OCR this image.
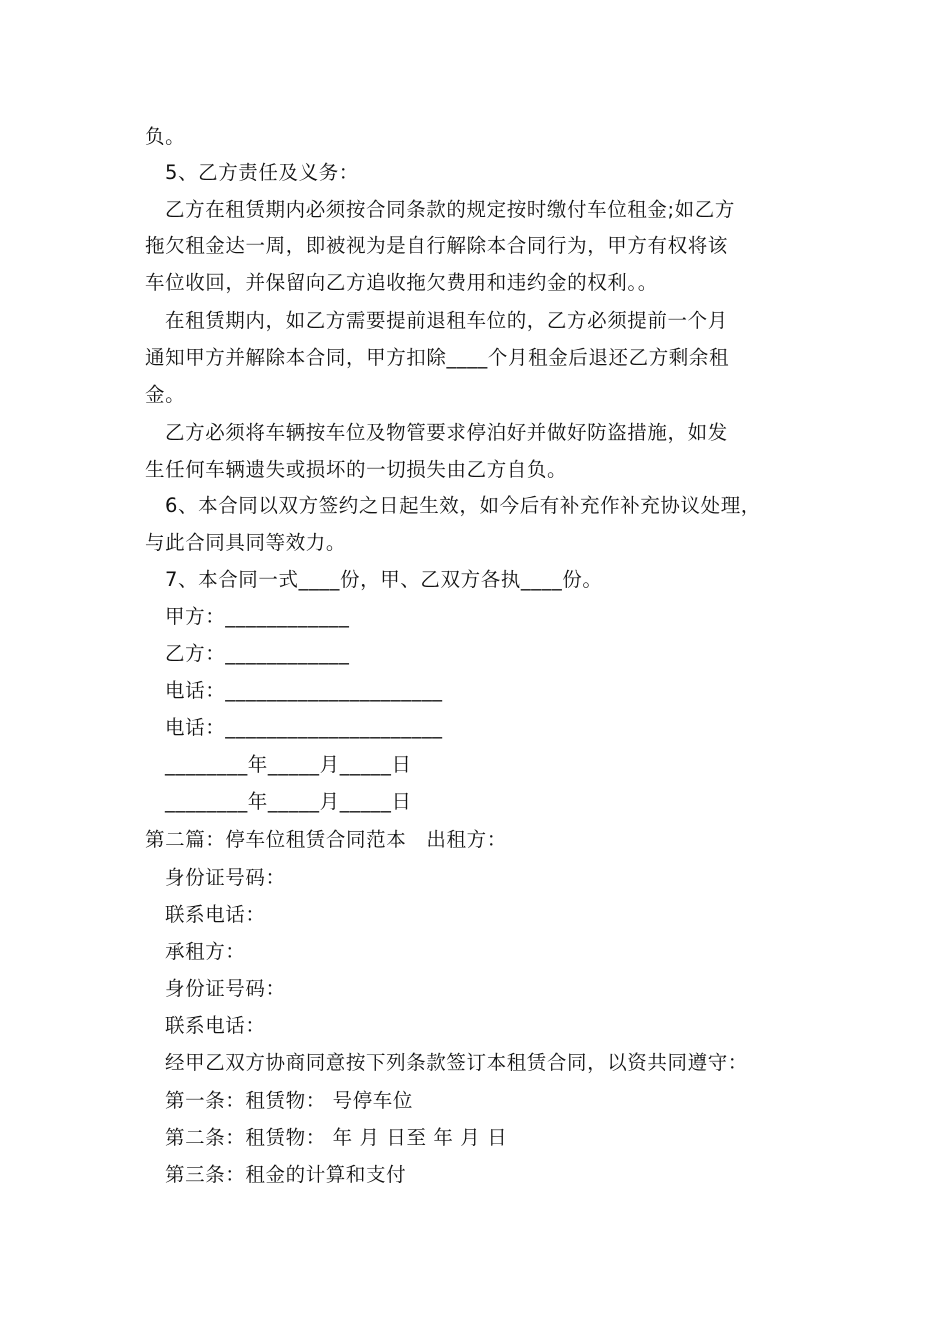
负。
5、乙方责任及义务：
乙方在租赁期内必须按合同条款的规定按时缴付车位租金;如乙方
拖欠租金达一周，即被视为是自行解除本合同行为，甲方有权将该
车位收回，并保留向乙方追收拖欠费用和违约金的权利。。
在租赁期内，如乙方需要提前退租车位的，乙方必须提前一个月
通知甲方并解除本合同，甲方扣除____个月租金后退还乙方剩余租
金。
乙方必须将车辆按车位及物管要求停泊好并做好防盗措施，如发
生任何车辆遗失或损坏的一切损失由乙方自负。
6、本合同以双方签约之日起生效，如今后有补充作补充协议处理，
与此合同具同等效力。
7、本合同一式____份，甲、乙双方各执____份。
甲方：____________
乙方：____________
电话：_____________________
电话：_____________________
________年_____月_____日
________年_____月_____日
第二篇：停车位租赁合同范本　出租方：
身份证号码：
联系电话：
承租方：
身份证号码：
联系电话：
经甲乙双方协商同意按下列条款签订本租赁合同，以资共同遵守：
第一条：租赁物： 号停车位
第二条：租赁物： 年 月 日至 年 月 日
第三条：租金的计算和支付
